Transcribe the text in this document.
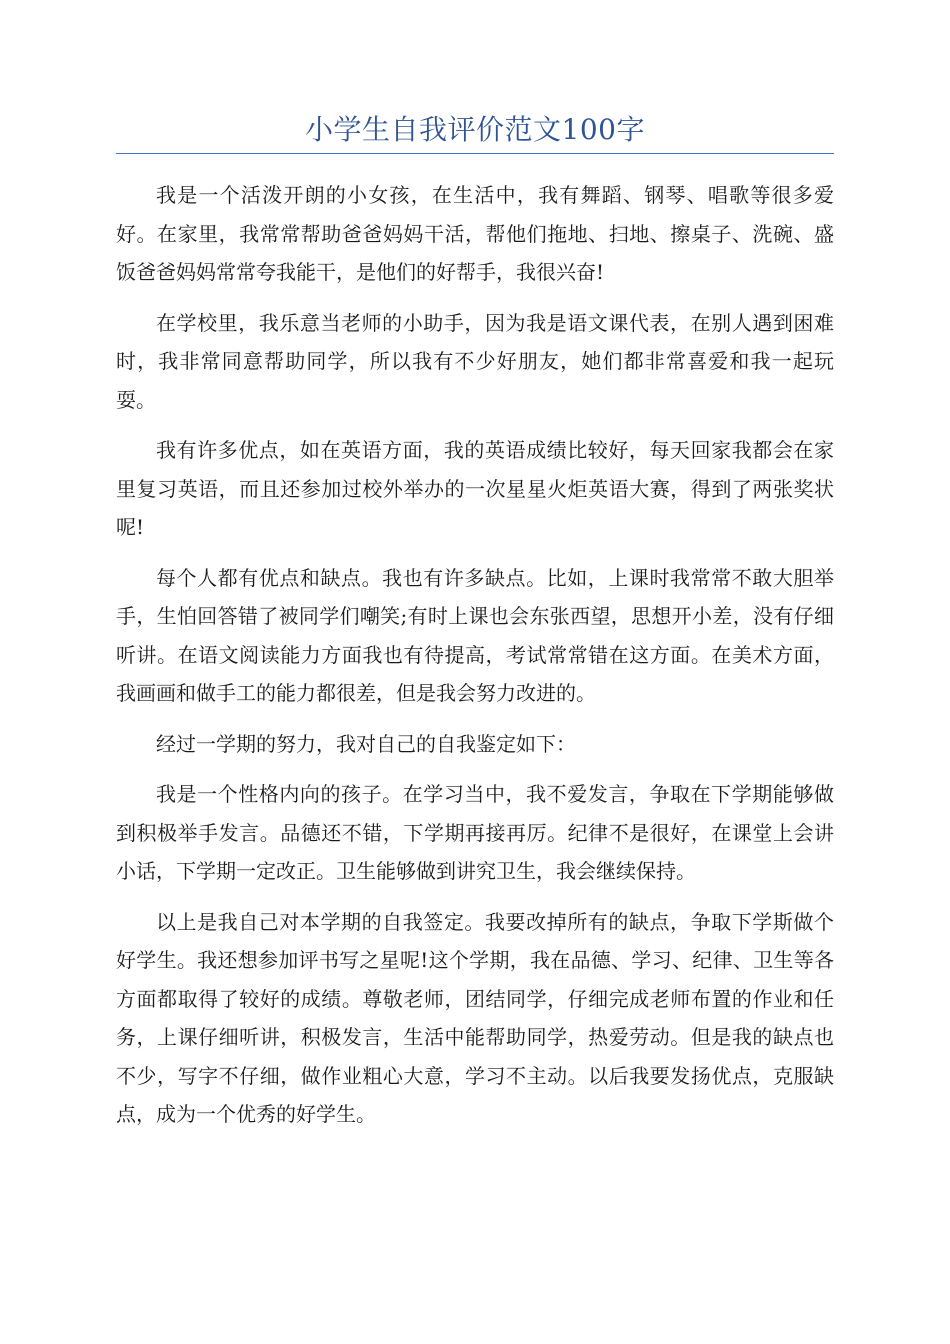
小学生自我评价范文100字

我是一个活泼开朗的小女孩，在生活中，我有舞蹈、钢琴、唱歌等很多爱好。在家里，我常常帮助爸爸妈妈干活，帮他们拖地、扫地、擦桌子、洗碗、盛饭爸爸妈妈常常夸我能干，是他们的好帮手，我很兴奋!

在学校里，我乐意当老师的小助手，因为我是语文课代表，在别人遇到困难时，我非常同意帮助同学，所以我有不少好朋友，她们都非常喜爱和我一起玩耍。

我有许多优点，如在英语方面，我的英语成绩比较好，每天回家我都会在家里复习英语，而且还参加过校外举办的一次星星火炬英语大赛，得到了两张奖状呢!

每个人都有优点和缺点。我也有许多缺点。比如，上课时我常常不敢大胆举手，生怕回答错了被同学们嘲笑;有时上课也会东张西望，思想开小差，没有仔细听讲。在语文阅读能力方面我也有待提高，考试常常错在这方面。在美术方面，我画画和做手工的能力都很差，但是我会努力改进的。

经过一学期的努力，我对自己的自我鉴定如下：

我是一个性格内向的孩子。在学习当中，我不爱发言，争取在下学期能够做到积极举手发言。品德还不错，下学期再接再厉。纪律不是很好，在课堂上会讲小话，下学期一定改正。卫生能够做到讲究卫生，我会继续保持。

以上是我自己对本学期的自我签定。我要改掉所有的缺点，争取下学斯做个好学生。我还想参加评书写之星呢!这个学期，我在品德、学习、纪律、卫生等各方面都取得了较好的成绩。尊敬老师，团结同学，仔细完成老师布置的作业和任务，上课仔细听讲，积极发言，生活中能帮助同学，热爱劳动。但是我的缺点也不少，写字不仔细，做作业粗心大意，学习不主动。以后我要发扬优点，克服缺点，成为一个优秀的好学生。
